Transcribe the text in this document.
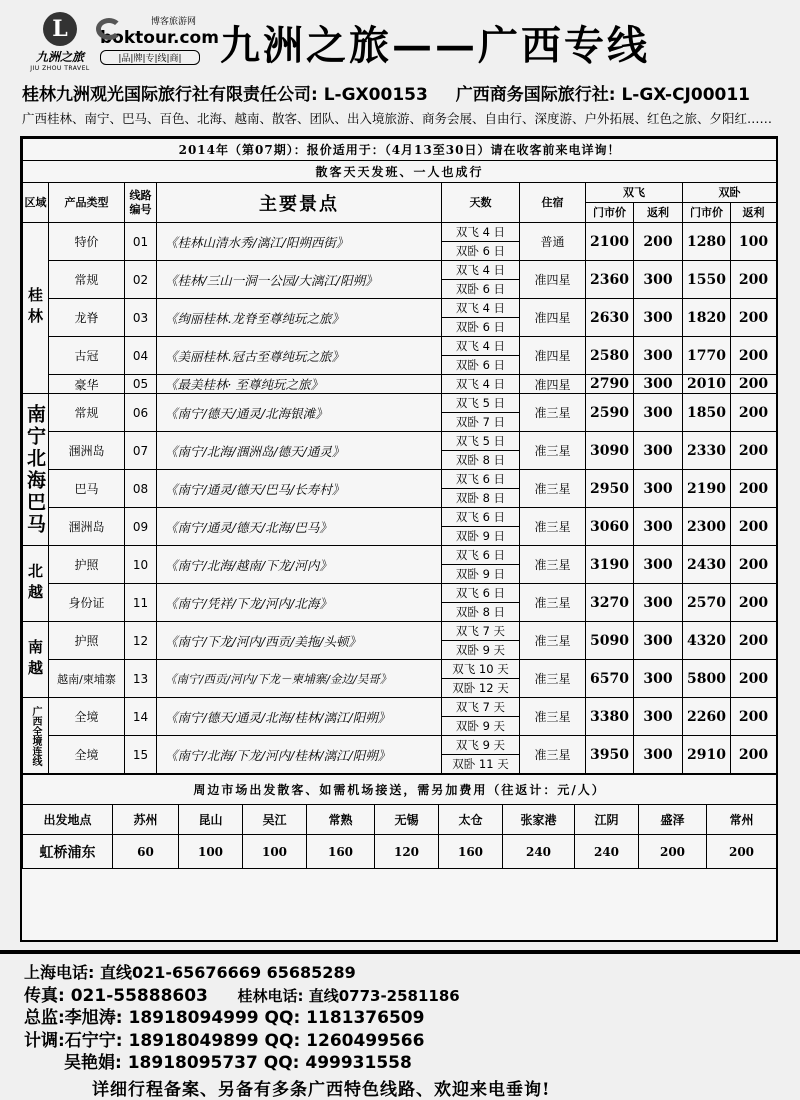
L
九洲之旅
JIU ZHOU TRAVEL
博客旅游网
boktour.com
|品|牌|专|线|商| 九洲之旅——广西专线
桂林九洲观光国际旅行社有限责任公司: L-GX00153 广西商务国际旅行社: L-GX-CJ00011
广西桂林、南宁、巴马、百色、北海、越南、散客、团队、出入境旅游、商务会展、自由行、深度游、户外拓展、红色之旅、夕阳红……
2014年（第07期）：报价适用于：（4月13至30日）请在收客前来电详询！									
散客天天发班、一人也成行									
区域	产品类型	线路编号	主要景点	天数	住宿	双飞		双卧	
						门市价	返利	门市价	返利
桂林	特价	01	《桂林山清水秀/漓江/阳朔西街》	双飞 4 日	普通	2100	200	1280	100
				双卧 6 日					
	常规	02	《桂林/三山一洞一公园/大漓江/阳朔》	双飞 4 日	准四星	2360	300	1550	200
				双卧 6 日					
	龙脊	03	《绚丽桂林.龙脊至尊纯玩之旅》	双飞 4 日	准四星	2630	300	1820	200
				双卧 6 日					
	古冠	04	《美丽桂林.冠古至尊纯玩之旅》	双飞 4 日	准四星	2580	300	1770	200
				双卧 6 日					
	豪华	05	《最美桂林· 至尊纯玩之旅》	双飞 4 日	准四星	2790	300	2010	200

南宁北海巴马	常规	06	《南宁/德天/通灵/北海银滩》	双飞 5 日	准三星	2590	300	1850	200
				双卧 7 日					
	涠洲岛	07	《南宁/北海/涠洲岛/德天/通灵》	双飞 5 日	准三星	3090	300	2330	200
				双卧 8 日					
	巴马	08	《南宁/通灵/德天/巴马/长寿村》	双飞 6 日	准三星	2950	300	2190	200
				双卧 8 日					
	涠洲岛	09	《南宁/通灵/德天/北海/巴马》	双飞 6 日	准三星	3060	300	2300	200
				双卧 9 日					
北越	护照	10	《南宁/北海/越南/下龙/河内》	双飞 6 日	准三星	3190	300	2430	200
				双卧 9 日					
	身份证	11	《南宁/凭祥/下龙/河内/北海》	双飞 6 日	准三星	3270	300	2570	200
				双卧 8 日					
南越	护照	12	《南宁/下龙/河内/西贡/美拖/头顿》	双飞 7 天	准三星	5090	300	4320	200
				双卧 9 天					
	越南/柬埔寨	13	《南宁/西贡/河内/下龙－柬埔寨/金边/吴哥》	双飞 10 天	准三星	6570	300	5800	200
				双卧 12 天					
广西全境连线	全境	14	《南宁/德天/通灵/北海/桂林/漓江/阳朔》	双飞 7 天	准三星	3380	300	2260	200
				双卧 9 天					
	全境	15	《南宁/北海/下龙/河内/桂林/漓江/阳朔》	双飞 9 天	准三星	3950	300	2910	200
				双卧 11 天					
周边市场出发散客、如需机场接送，需另加费用（往返计：元/人）										
出发地点	苏州	昆山	吴江	常熟	无锡	太仓	张家港	江阴	盛泽	常州
虹桥浦东	60	100	100	160	120	160	240	240	200	200
上海电话: 直线021-65676669 65685289
传真: 021-55888603 桂林电话: 直线0773-2581186
总监:李旭涛: 18918094999 QQ: 1181376509
计调:石宁宁: 18918049899 QQ: 1260499566
吴艳娟: 18918095737 QQ: 499931558
详细行程备案、另备有多条广西特色线路、欢迎来电垂询!
